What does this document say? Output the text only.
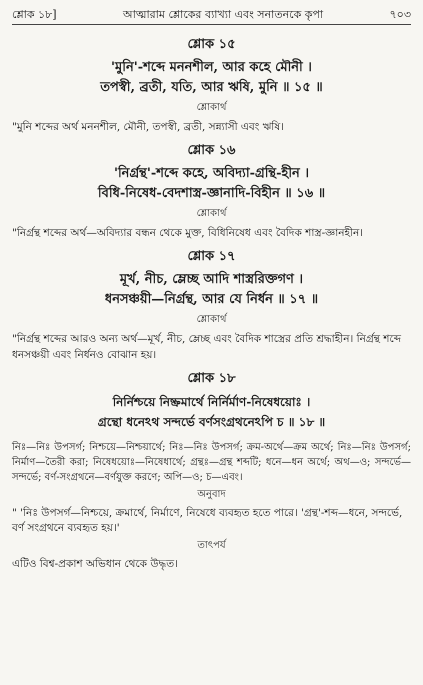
শ্লোক ১৮]	আত্মারাম শ্লোকের ব্যাখ্যা এবং সনাতনকে কৃপা	৭০৩
শ্লোক ১৫
'মুনি'-শব্দে মননশীল, আর কহে মৌনী ।
তপস্বী, ব্রতী, যতি, আর ঋষি, মুনি ॥ ১৫ ॥
শ্লোকার্থ
"মুনি শব্দের অর্থ মননশীল, মৌনী, তপস্বী, ব্রতী, সন্ন্যাসী এবং ঋষি।
শ্লোক ১৬
'নির্গ্রন্থ'-শব্দে কহে, অবিদ্যা-গ্রন্থি-হীন ।
বিধি-নিষেধ-বেদশাস্ত্র-জ্ঞানাদি-বিহীন ॥ ১৬ ॥
শ্লোকার্থ
"নির্গ্রন্থ শব্দের অর্থ—অবিদ্যার বন্ধন থেকে মুক্ত, বিধিনিষেধ এবং বৈদিক শাস্ত্র-জ্ঞানহীন।
শ্লোক ১৭
মূর্খ, নীচ, ম্লেচ্ছ আদি শাস্ত্ররিক্তগণ ।
ধনসঞ্চয়ী—নির্গ্রন্থ, আর যে নির্ধন ॥ ১৭ ॥
শ্লোকার্থ
"নির্গ্রন্থ শব্দের আরও অন্য অর্থ—মূর্খ, নীচ, ম্লেচ্ছ এবং বৈদিক শাস্ত্রের প্রতি শ্রদ্ধাহীন। নির্গ্রন্থ শব্দে ধনসঞ্চয়ী এবং নির্ধনও বোঝান হয়।
শ্লোক ১৮
নির্নিশ্চয়ে নিষ্ক্রমার্থে নির্নির্মাণ-নিষেধয়োঃ ।
গ্রন্থো ধনেঽথ সন্দর্ভে বর্ণসংগ্রথনেঽপি চ ॥ ১৮ ॥
নিঃ—নিঃ উপসর্গ; নিশ্চয়ে—নিশ্চয়ার্থে; নিঃ—নিঃ উপসর্গ; ক্রম-অর্থে—ক্রম অর্থে; নিঃ—নিঃ উপসর্গ; নির্মাণ—তৈরী করা; নিষেধয়োঃ—নিষেধার্থে; গ্রন্থঃ—গ্রন্থ শব্দটি; ধনে—ধন অর্থে; অথ—ও; সন্দর্ভে—সন্দর্ভে; বর্ণ-সংগ্রথনে—বর্ণযুক্ত করণে; অপি—ও; চ—এবং।
অনুবাদ
" 'নিঃ উপসর্গ—নিশ্চয়ে, ক্রমার্থে, নির্মাণে, নিষেধে ব্যবহৃত হতে পারে। 'গ্রন্থ'-শব্দ—ধনে, সন্দর্ভে, বর্ণ সংগ্রথনে ব্যবহৃত হয়।'
তাৎপর্য
এটিও বিশ্ব-প্রকাশ অভিধান থেকে উদ্ধৃত।
